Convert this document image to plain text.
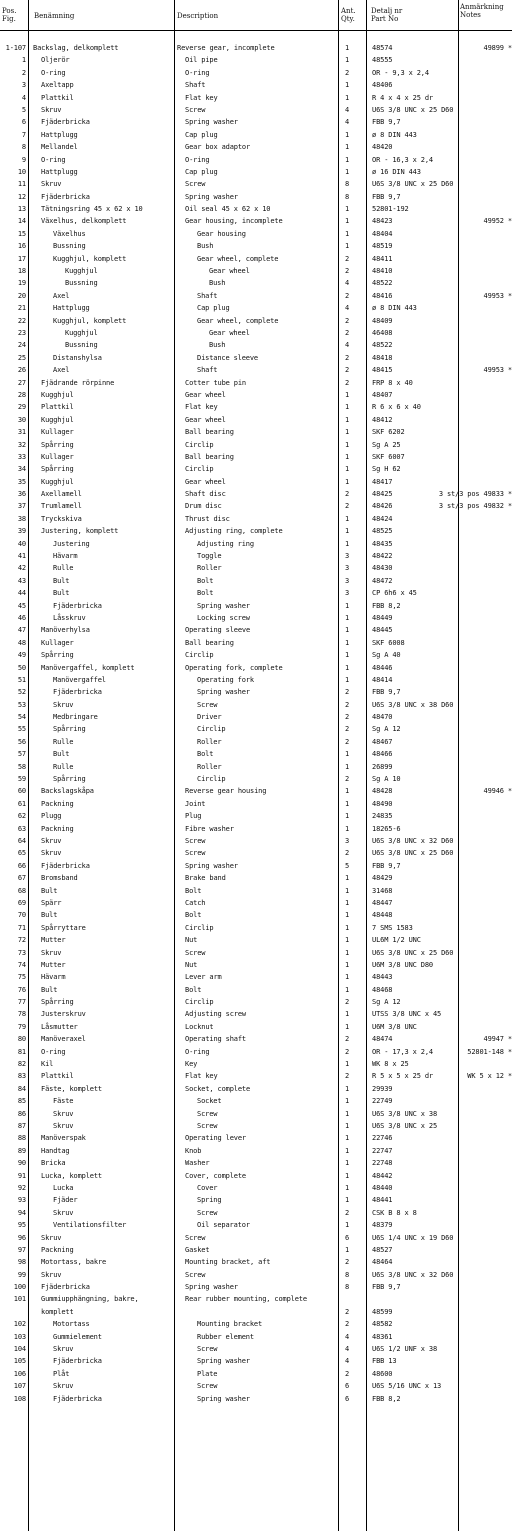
Pos.
Fig.	Benämning	Description
Ant.
Qty.
Detalj nr
Part No
Anmärkning
Notes
1-107 Backslag, delkomplett	Reverse gear, incomplete	1	48574	49899 *
1 Oljerör	Oil pipe	1	48555
2 O-ring	O-ring	2	OR - 9,3 x 2,4
3 Axeltapp	Shaft	1	48406
4 Plattkil	Flat key	1	R 4 x 4 x 25 dr
5 Skruv	Screw	4	U6S 3/8 UNC x 25 D60
6 Fjäderbricka	Spring washer	4	FBB 9,7
7 Hattplugg	Cap plug	1	ø 8 DIN 443
8 Mellandel	Gear box adaptor	1	48420
9 O-ring	O-ring	1	OR - 16,3 x 2,4
10 Hattplugg	Cap plug	1	ø 16 DIN 443
11 Skruv	Screw	8	U6S 3/8 UNC x 25 D60
12 Fjäderbricka	Spring washer	8	FBB 9,7
13 Tätningsring 45 x 62 x 10	Oil seal 45 x 62 x 10	1	52801-192
14 Växelhus, delkomplett	Gear housing, incomplete	1	48423	49952 *
15	Växelhus	Gear housing	1	48404
16	Bussning	Bush	1	48519
17	Kugghjul, komplett	Gear wheel, complete	2	48411
18	Kugghjul	Gear wheel	2	48410
19	Bussning	Bush	4	48522
20	Axel	Shaft	2	48416	49953 *
21	Hattplugg	Cap plug	4	ø 8 DIN 443
22	Kugghjul, komplett	Gear wheel, complete	2	48409
23	Kugghjul	Gear wheel	2	46408
24	Bussning	Bush	4	48522
25	Distanshylsa	Distance sleeve	2	48418
26	Axel	Shaft	2	48415	49953 *
27 Fjädrande rörpinne	Cotter tube pin	2	FRP 8 x 40
28 Kugghjul	Gear wheel	1	48407
29 Plattkil	Flat key	1	R 6 x 6 x 40
30 Kugghjul	Gear wheel	1	48412
31 Kullager	Ball bearing	1	SKF 6202
32 Spårring	Circlip	1	Sg A 25
33 Kullager	Ball bearing	1	SKF 6007
34 Spårring	Circlip	1	Sg H 62
35 Kugghjul	Gear wheel	1	48417
36 Axellamell	Shaft disc	2	48425	3 st/3 pos 49833 *
37 Trumlamell	Drum disc	2	48426	3 st/3 pos 49832 *
38 Tryckskiva	Thrust disc	1	48424
39 Justering, komplett	Adjusting ring, complete	1	48525
40	Justering	Adjusting ring	1	48435
41	Hävarm	Toggle	3	48422
42	Rulle	Roller	3	48430
43	Bult	Bolt	3	48472
44	Bult	Bolt	3	CP 6h6 x 45
45	Fjäderbricka	Spring washer	1	FBB 8,2
46	Låsskruv	Locking screw	1	48449
47 Manöverhylsa	Operating sleeve	1	48445
48 Kullager	Ball bearing	1	SKF 6008
49 Spårring	Circlip	1	Sg A 40
50 Manövergaffel, komplett	Operating fork, complete	1	48446
51	Manövergaffel	Operating fork	1	48414
52	Fjäderbricka	Spring washer	2	FBB 9,7
53	Skruv	Screw	2	U6S 3/8 UNC x 38 D60
54	Medbringare	Driver	2	48470
55	Spårring	Circlip	2	Sg A 12
56	Rulle	Roller	2	48467
57	Bult	Bolt	1	48466
58	Rulle	Roller	1	26899
59	Spårring	Circlip	2	Sg A 10
60 Backslagskåpa	Reverse gear housing	1	48428	49946 *
61 Packning	Joint	1	48490
62 Plugg	Plug	1	24835
63 Packning	Fibre washer	1	18265-6
64 Skruv	Screw	3	U6S 3/8 UNC x 32 D60
65 Skruv	Screw	2	U6S 3/8 UNC x 25 D60
66 Fjäderbricka	Spring washer	5	FBB 9,7
67 Bromsband	Brake band	1	48429
68 Bult	Bolt	1	31468
69 Spärr	Catch	1	48447
70 Bult	Bolt	1	48448
71 Spårryttare	Circlip	1	7 SMS 1583
72 Mutter	Nut	1	UL6M 1/2 UNC
73 Skruv	Screw	1	U6S 3/8 UNC x 25 D60
74 Mutter	Nut	1	U6M 3/8 UNC D80
75 Hävarm	Lever arm	1	48443
76 Bult	Bolt	1	48468
77 Spårring	Circlip	2	Sg A 12
78 Justerskruv	Adjusting screw	1	UTSS 3/8 UNC x 45
79 Låsmutter	Locknut	1	U6M 3/8 UNC
80 Manöveraxel	Operating shaft	2	48474	49947 *
81 O-ring	O-ring	2	OR - 17,3 x 2,4	52801-148 *
82 Kil	Key	1	WK 8 x 25
83 Plattkil	Flat key	2	R 5 x 5 x 25 dr	WK 5 x 12 *
84 Fäste, komplett	Socket, complete	1	29939
85	Fäste	Socket	1	22749
86	Skruv	Screw	1	U6S 3/8 UNC x 38
87	Skruv	Screw	1	U6S 3/8 UNC x 25
88 Manöverspak	Operating lever	1	22746
89 Handtag	Knob	1	22747
90 Bricka	Washer	1	22748
91 Lucka, komplett	Cover, complete	1	48442
92	Lucka	Cover	1	48440
93	Fjäder	Spring	1	48441
94	Skruv	Screw	2	CSK B 8 x 8
95	Ventilationsfilter	Oil separator	1	48379
96 Skruv	Screw	6	U6S 1/4 UNC x 19 D60
97 Packning	Gasket	1	48527
98 Motortass, bakre	Mounting bracket, aft	2	48464
99 Skruv	Screw	8	U6S 3/8 UNC x 32 D60
100 Fjäderbricka	Spring washer	8	FBB 9,7
101 Gummiupphängning, bakre,	Rear rubber mounting, complete
komplett	2	48599
102	Motortass	Mounting bracket	2	48582
103	Gummielement	Rubber element	4	48361
104	Skruv	Screw	4	U6S 1/2 UNF x 38
105	Fjäderbricka	Spring washer	4	FBB 13
106	Plåt	Plate	2	48600
107	Skruv	Screw	6	U6S 5/16 UNC x 13
108	Fjäderbricka	Spring washer	6	FBB 8,2
